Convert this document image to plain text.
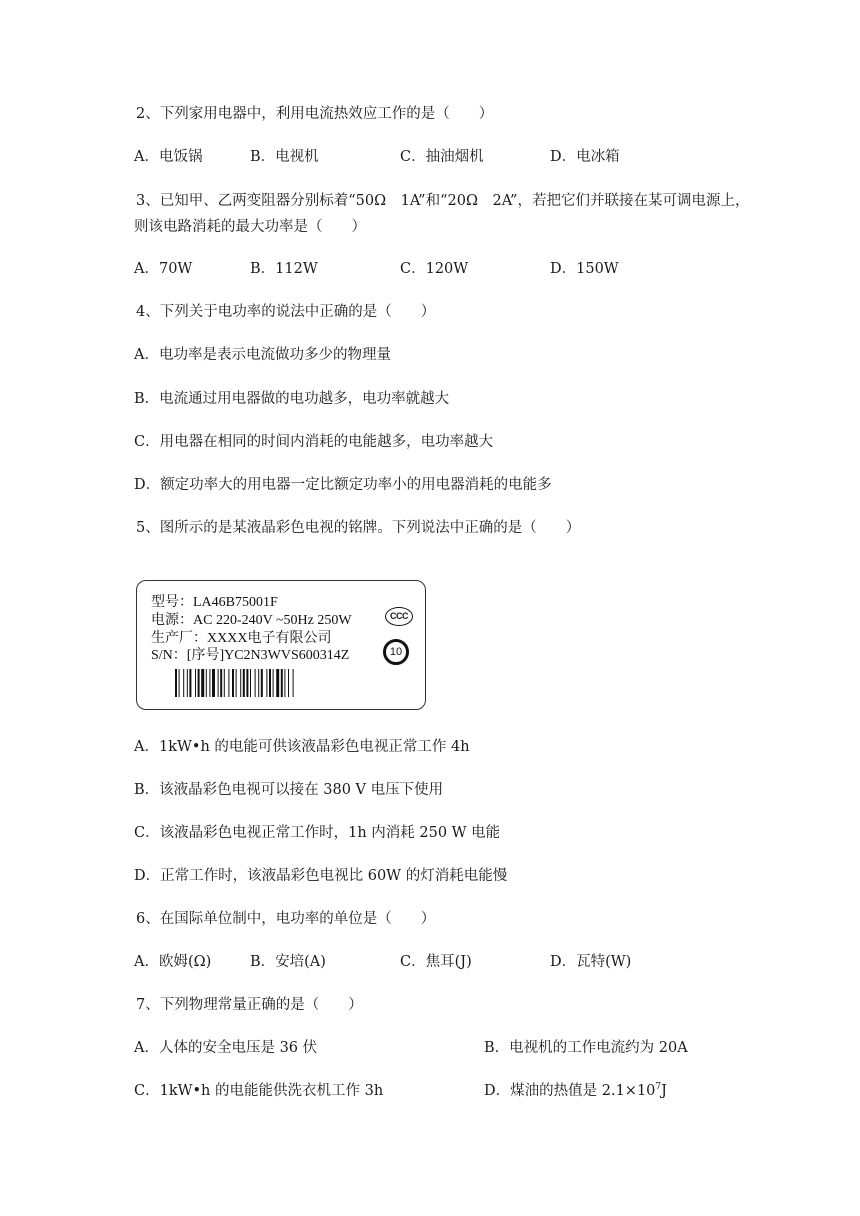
2、下列家用电器中，利用电流热效应工作的是（　　）
A．电饭锅	B．电视机	C．抽油烟机	D．电冰箱
3、已知甲、乙两变阻器分别标着“50Ω　1A”和“20Ω　2A”，若把它们并联接在某可调电源上，
则该电路消耗的最大功率是（　　）
A．70W	B．112W	C．120W	D．150W
4、下列关于电功率的说法中正确的是（　　）
A．电功率是表示电流做功多少的物理量
B．电流通过用电器做的电功越多，电功率就越大
C．用电器在相同的时间内消耗的电能越多，电功率越大
D．额定功率大的用电器一定比额定功率小的用电器消耗的电能多
5、图所示的是某液晶彩色电视的铭牌。下列说法中正确的是（　　）
型号：LA46B75001F
电源：AC 220-240V ~50Hz 250W
生产厂：XXXX电子有限公司
S/N：[序号]YC2N3WVS600314Z
CCC
10
A．1kW•h 的电能可供该液晶彩色电视正常工作 4h
B．该液晶彩色电视可以接在 380 V 电压下使用
C．该液晶彩色电视正常工作时，1h 内消耗 250 W 电能
D．正常工作时，该液晶彩色电视比 60W 的灯消耗电能慢
6、在国际单位制中，电功率的单位是（　　）
A．欧姆(Ω)	B．安培(A)	C．焦耳(J)	D．瓦特(W)
7、下列物理常量正确的是（　　）
A．人体的安全电压是 36 伏	B．电视机的工作电流约为 20A
C．1kW•h 的电能能供洗衣机工作 3h	D．煤油的热值是 $2.1\times 10^7J$
